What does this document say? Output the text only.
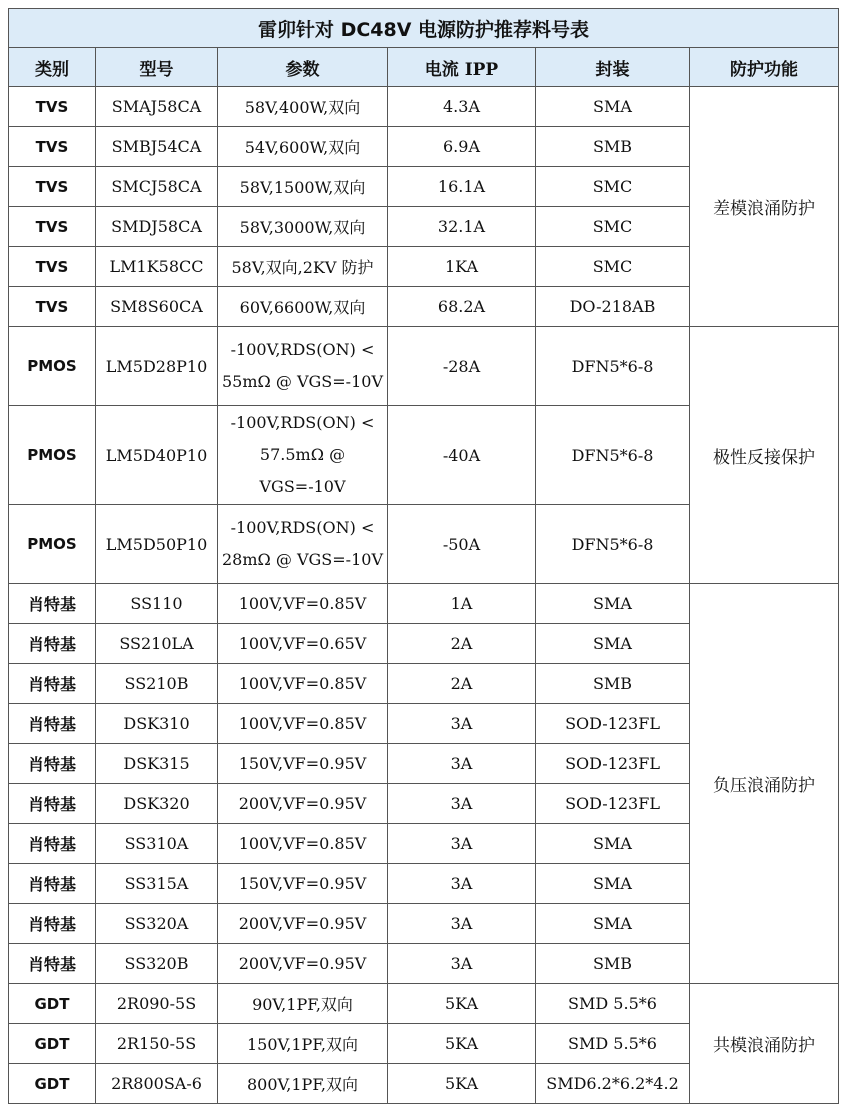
雷卯针对 DC48V 电源防护推荐料号表					
类别	型号	参数	电流 IPP	封装	防护功能
TVS	SMAJ58CA	58V,400W,双向	4.3A	SMA	差模浪涌防护
TVS	SMBJ54CA	54V,600W,双向	6.9A	SMB	
TVS	SMCJ58CA	58V,1500W,双向	16.1A	SMC	
TVS	SMDJ58CA	58V,3000W,双向	32.1A	SMC	
TVS	LM1K58CC	58V,双向,2KV 防护	1KA	SMC	
TVS	SM8S60CA	60V,6600W,双向	68.2A	DO-218AB	
PMOS	LM5D28P10	-100V,RDS(ON) < 55mΩ @ VGS=-10V	-28A	DFN5*6-8	极性反接保护
PMOS	LM5D40P10	-100V,RDS(ON) < 57.5mΩ @ VGS=-10V	-40A	DFN5*6-8	
PMOS	LM5D50P10	-100V,RDS(ON) < 28mΩ @ VGS=-10V	-50A	DFN5*6-8	
肖特基	SS110	100V,VF=0.85V	1A	SMA	负压浪涌防护
肖特基	SS210LA	100V,VF=0.65V	2A	SMA	
肖特基	SS210B	100V,VF=0.85V	2A	SMB	
肖特基	DSK310	100V,VF=0.85V	3A	SOD-123FL	
肖特基	DSK315	150V,VF=0.95V	3A	SOD-123FL	
肖特基	DSK320	200V,VF=0.95V	3A	SOD-123FL	
肖特基	SS310A	100V,VF=0.85V	3A	SMA	
肖特基	SS315A	150V,VF=0.95V	3A	SMA	
肖特基	SS320A	200V,VF=0.95V	3A	SMA	
肖特基	SS320B	200V,VF=0.95V	3A	SMB	
GDT	2R090-5S	90V,1PF,双向	5KA	SMD 5.5*6	共模浪涌防护
GDT	2R150-5S	150V,1PF,双向	5KA	SMD 5.5*6	
GDT	2R800SA-6	800V,1PF,双向	5KA	SMD6.2*6.2*4.2	
